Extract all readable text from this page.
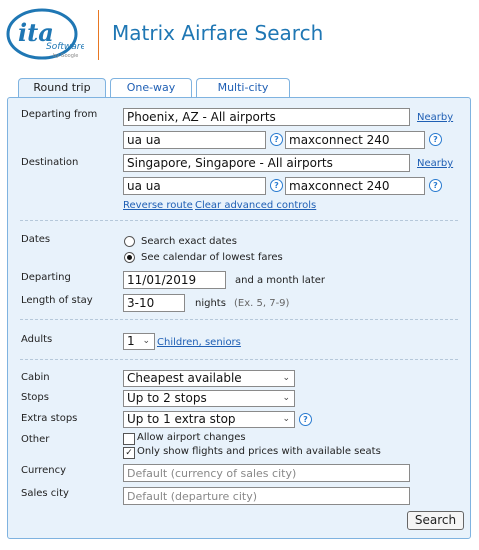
ita
Software
by Google
Matrix Airfare Search
Round trip	One-way	Multi-city
Departing from	Phoenix, AZ - All airports	Nearby
ua ua	? maxconnect 240	?
Destination	Singapore, Singapore - All airports	Nearby
ua ua	? maxconnect 240	?
Reverse route Clear advanced controls
Dates	Search exact dates
See calendar of lowest fares
Departing	11/01/2019	and a month later
Length of stay	3-10	nights (Ex. 5, 7-9)
Adults	1 ⌄ Children, seniors
Cabin	Cheapest available	⌄
Stops	Up to 2 stops	⌄
Extra stops	Up to 1 extra stop	⌄	?
Other	Allow airport changes
✓ Only show flights and prices with available seats
Currency	Default (currency of sales city)
Sales city	Default (departure city)
Search
